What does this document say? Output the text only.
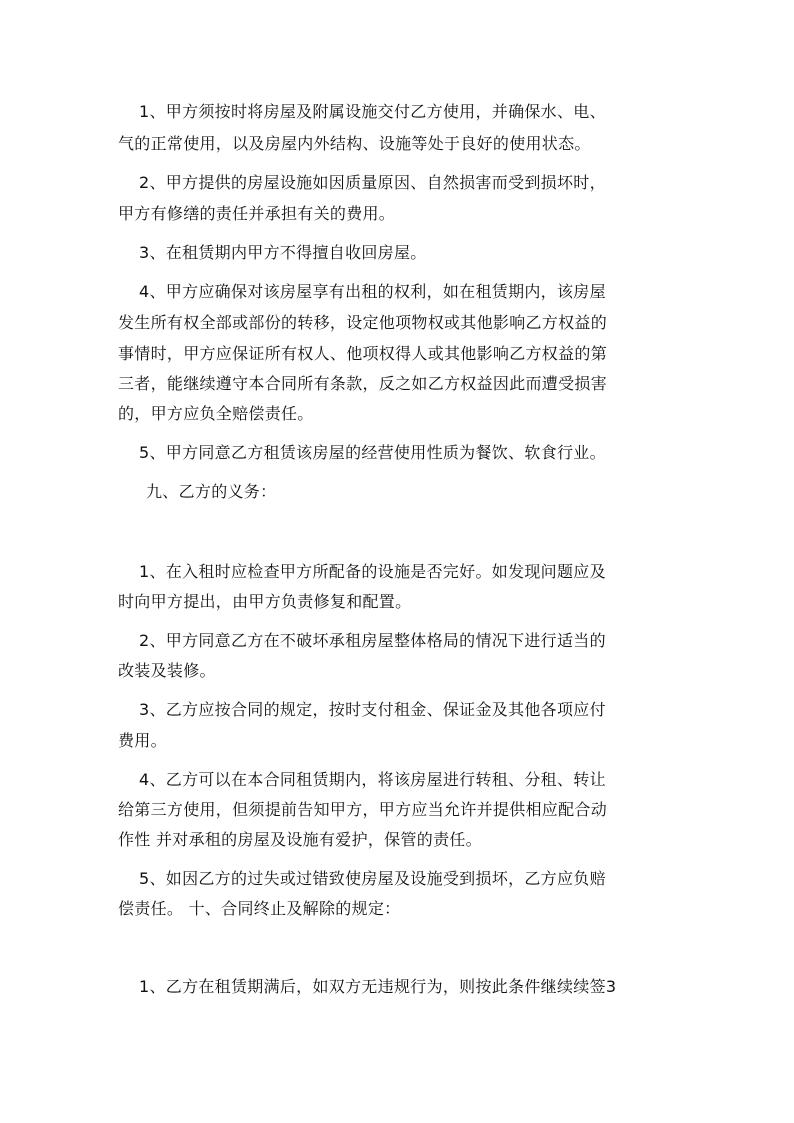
1、甲方须按时将房屋及附属设施交付乙方使用，并确保水、电、
气的正常使用，以及房屋内外结构、设施等处于良好的使用状态。
2、甲方提供的房屋设施如因质量原因、自然损害而受到损坏时，
甲方有修缮的责任并承担有关的费用。
3、在租赁期内甲方不得擅自收回房屋。
4、甲方应确保对该房屋享有出租的权利，如在租赁期内，该房屋
发生所有权全部或部份的转移，设定他项物权或其他影响乙方权益的
事情时，甲方应保证所有权人、他项权得人或其他影响乙方权益的第
三者，能继续遵守本合同所有条款，反之如乙方权益因此而遭受损害
的，甲方应负全赔偿责任。
5、甲方同意乙方租赁该房屋的经营使用性质为餐饮、软食行业。
九、乙方的义务：
1、在入租时应检查甲方所配备的设施是否完好。如发现问题应及
时向甲方提出，由甲方负责修复和配置。
2、甲方同意乙方在不破坏承租房屋整体格局的情况下进行适当的
改装及装修。
3、乙方应按合同的规定，按时支付租金、保证金及其他各项应付
费用。
4、乙方可以在本合同租赁期内，将该房屋进行转租、分租、转让
给第三方使用，但须提前告知甲方，甲方应当允许并提供相应配合动
作性 并对承租的房屋及设施有爱护，保管的责任。
5、如因乙方的过失或过错致使房屋及设施受到损坏，乙方应负赔
偿责任。 十、合同终止及解除的规定：
1、乙方在租赁期满后，如双方无违规行为，则按此条件继续续签3
